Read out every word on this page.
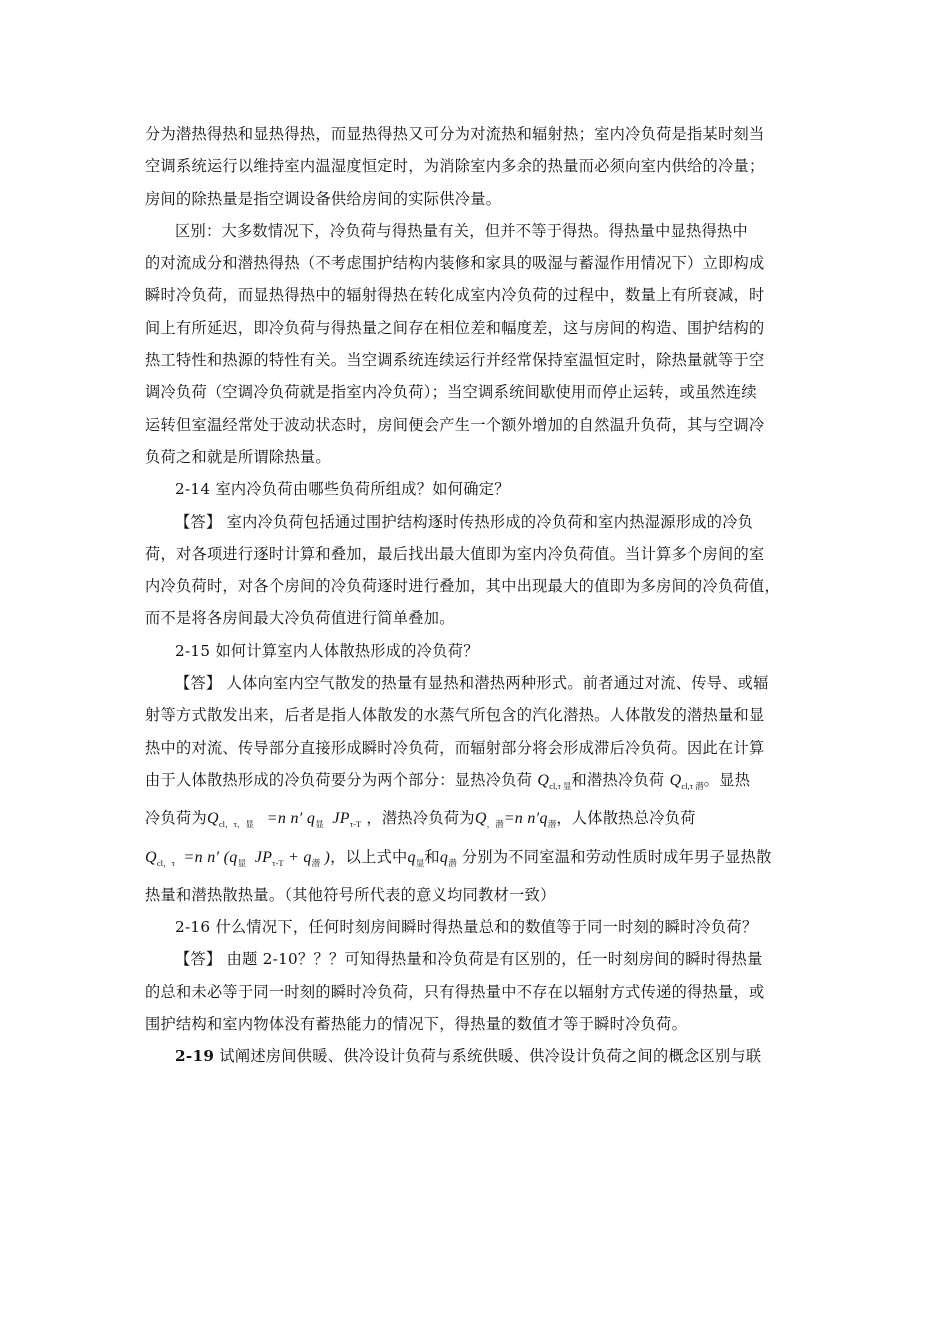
分为潜热得热和显热得热，而显热得热又可分为对流热和辐射热；室内冷负荷是指某时刻当
空调系统运行以维持室内温湿度恒定时，为消除室内多余的热量而必须向室内供给的冷量；
房间的除热量是指空调设备供给房间的实际供冷量。

区别：大多数情况下，冷负荷与得热量有关，但并不等于得热。得热量中显热得热中
的对流成分和潜热得热（不考虑围护结构内装修和家具的吸湿与蓄湿作用情况下）立即构成
瞬时冷负荷，而显热得热中的辐射得热在转化成室内冷负荷的过程中，数量上有所衰减，时
间上有所延迟，即冷负荷与得热量之间存在相位差和幅度差，这与房间的构造、围护结构的
热工特性和热源的特性有关。当空调系统连续运行并经常保持室温恒定时，除热量就等于空
调冷负荷（空调冷负荷就是指室内冷负荷）；当空调系统间歇使用而停止运转，或虽然连续
运转但室温经常处于波动状态时，房间便会产生一个额外增加的自然温升负荷，其与空调冷
负荷之和就是所谓除热量。

2-14 室内冷负荷由哪些负荷所组成？如何确定？

【答】 室内冷负荷包括通过围护结构逐时传热形成的冷负荷和室内热湿源形成的冷负
荷，对各项进行逐时计算和叠加，最后找出最大值即为室内冷负荷值。当计算多个房间的室
内冷负荷时，对各个房间的冷负荷逐时进行叠加，其中出现最大的值即为多房间的冷负荷值，
而不是将各房间最大冷负荷值进行简单叠加。

2-15 如何计算室内人体散热形成的冷负荷？

【答】 人体向室内空气散发的热量有显热和潜热两种形式。前者通过对流、传导、或辐
射等方式散发出来，后者是指人体散发的水蒸气所包含的汽化潜热。人体散发的潜热量和显
热中的对流、传导部分直接形成瞬时冷负荷，而辐射部分将会形成滞后冷负荷。因此在计算
由于人体散热形成的冷负荷要分为两个部分：显热冷负荷 $Q_{cl,\tau 显}$和潜热冷负荷 $Q_{cl,\tau 潜}$。显热
冷负荷为$Q_{cl,\tau,显} =n$ n′ $q_显$ $JP_{\tau-T}$ ，潜热冷负荷为$Q_{,潜}=n$ $n'q_潜$，人体散热总冷负荷
$Q_{cl,\tau} =n$ n′ ($q_显$ $JP_{\tau-T} + q_潜$ )，以上式中$q_显$和$q_潜$ 分别为不同室温和劳动性质时成年男子显热散
热量和潜热散热量。（其他符号所代表的意义均同教材一致）

2-16 什么情况下，任何时刻房间瞬时得热量总和的数值等于同一时刻的瞬时冷负荷？

【答】 由题 2-10？？？可知得热量和冷负荷是有区别的，任一时刻房间的瞬时得热量
的总和未必等于同一时刻的瞬时冷负荷，只有得热量中不存在以辐射方式传递的得热量，或
围护结构和室内物体没有蓄热能力的情况下，得热量的数值才等于瞬时冷负荷。

2-19 试阐述房间供暖、供冷设计负荷与系统供暖、供冷设计负荷之间的概念区别与联
